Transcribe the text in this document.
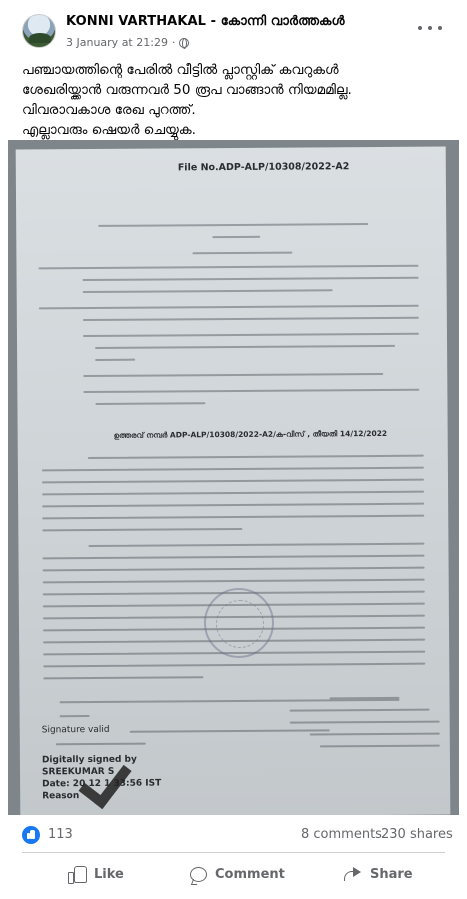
KONNI VARTHAKAL - കോന്നി വാർത്തകൾ
3 January at 21:29 ·
പഞ്ചായത്തിന്റെ പേരിൽ വീട്ടിൽ പ്ലാസ്റ്റിക് കവറുകൾ
ശേഖരിയ്ക്കാൻ വരുന്നവർ 50 രൂപ വാങ്ങാൻ നിയമമില്ല.
വിവരാവകാശ രേഖ പുറത്ത്.
എല്ലാവരും ഷെയർ ചെയ്യുക.
File No.ADP-ALP/10308/2022-A2
ഉത്തരവ് നമ്പർ ADP-ALP/10308/2022-A2/ക-വിസ് , തീയതി 14/12/2022
Signature valid
Digitally signed by
SREEKUMAR S
Date: 20 12 1 33:56 IST
Reason
113	8 comments 230 shares
Like	Comment	Share
